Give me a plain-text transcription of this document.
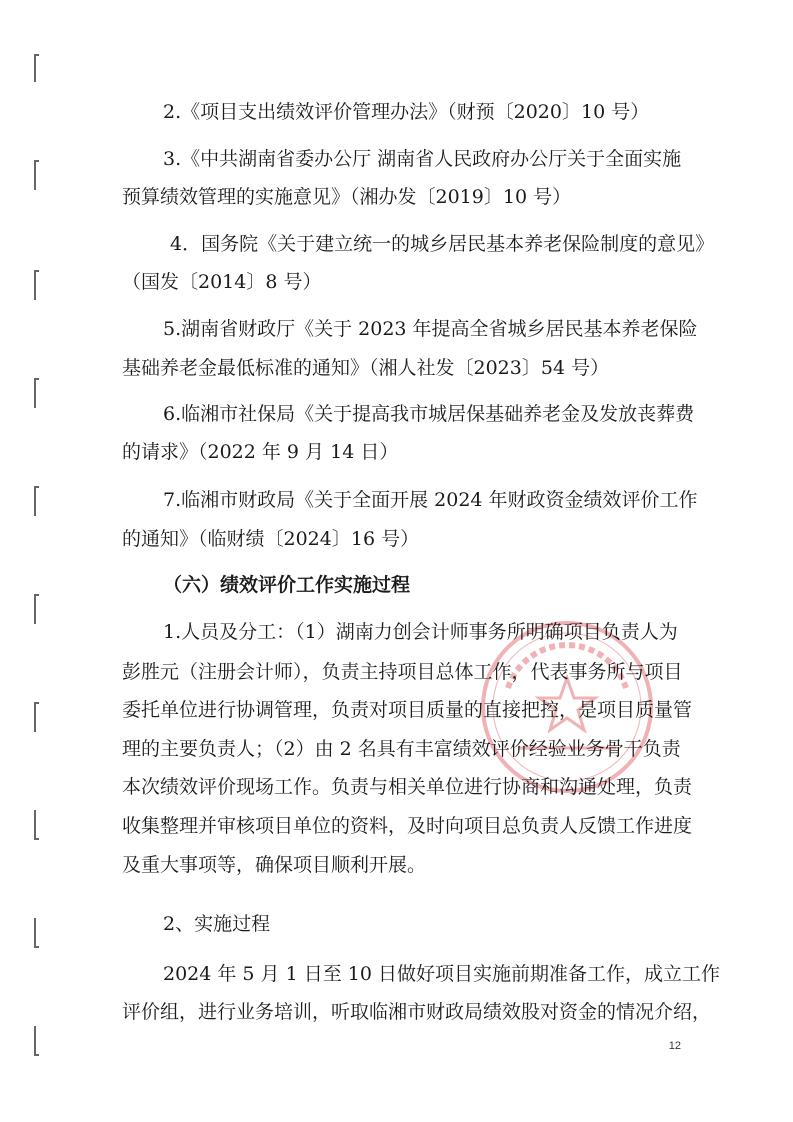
2.《项目支出绩效评价管理办法》（财预〔2020〕10 号）
3.《中共湖南省委办公厅 湖南省人民政府办公厅关于全面实施
预算绩效管理的实施意见》（湘办发〔2019〕10 号）
4．国务院《关于建立统一的城乡居民基本养老保险制度的意见》
（国发〔2014〕8 号）
5.湖南省财政厅《关于 2023 年提高全省城乡居民基本养老保险
基础养老金最低标准的通知》（湘人社发〔2023〕54 号）
6.临湘市社保局《关于提高我市城居保基础养老金及发放丧葬费
的请求》（2022 年 9 月 14 日）
7.临湘市财政局《关于全面开展 2024 年财政资金绩效评价工作
的通知》（临财绩〔2024〕16 号）
（六）绩效评价工作实施过程
1.人员及分工：（1）湖南力创会计师事务所明确项目负责人为
彭胜元（注册会计师），负责主持项目总体工作，代表事务所与项目
委托单位进行协调管理，负责对项目质量的直接把控，是项目质量管
理的主要负责人；（2）由 2 名具有丰富绩效评价经验业务骨干负责
本次绩效评价现场工作。负责与相关单位进行协商和沟通处理，负责
收集整理并审核项目单位的资料，及时向项目总负责人反馈工作进度
及重大事项等，确保项目顺利开展。
2、实施过程
2024 年 5 月 1 日至 10 日做好项目实施前期准备工作，成立工作
评价组，进行业务培训，听取临湘市财政局绩效股对资金的情况介绍，
12
